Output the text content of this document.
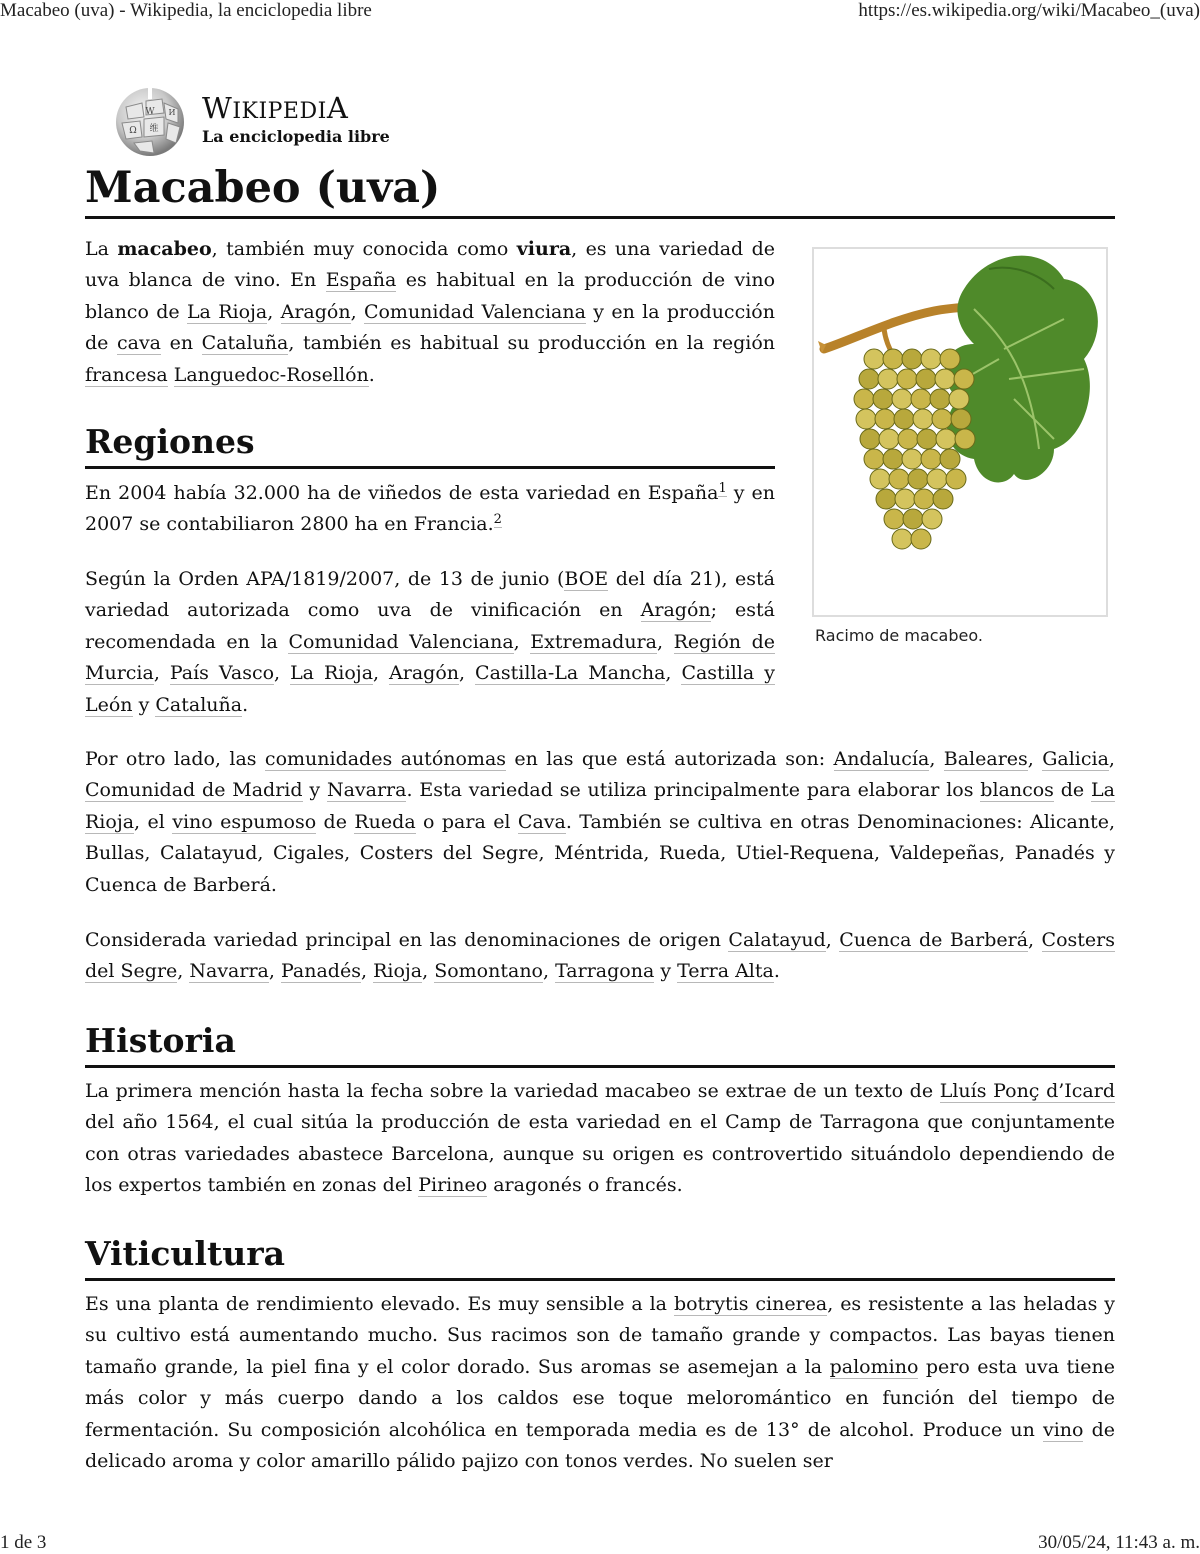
Macabeo (uva) - Wikipedia, la enciclopedia libre	https://es.wikipedia.org/wiki/Macabeo_(uva)
W
Ω 维
И WIKIPEDIA
La enciclopedia libre
Macabeo (uva)

La macabeo, también muy conocida como viura, es una variedad de uva blanca de vino. En España es habitual en la producción de vino blanco de La Rioja, Aragón, Comunidad Valenciana y en la producción de cava en Cataluña, también es habitual su producción en la región francesa Languedoc-Rosellón.

Racimo de macabeo.
Regiones

En 2004 había 32.000 ha de viñedos de esta variedad en España$^1$ y en 2007 se contabiliaron 2800 ha en Francia.$^2$

Según la Orden APA/1819/2007, de 13 de junio (BOE del día 21), está variedad autorizada como uva de vinificación en Aragón; está recomendada en la Comunidad Valenciana, Extremadura, Región de Murcia, País Vasco, La Rioja, Aragón, Castilla-La Mancha, Castilla y León y Cataluña.

Por otro lado, las comunidades autónomas en las que está autorizada son: Andalucía, Baleares, Galicia, Comunidad de Madrid y Navarra. Esta variedad se utiliza principalmente para elaborar los blancos de La Rioja, el vino espumoso de Rueda o para el Cava. También se cultiva en otras Denominaciones: Alicante, Bullas, Calatayud, Cigales, Costers del Segre, Méntrida, Rueda, Utiel-Requena, Valdepeñas, Panadés y Cuenca de Barberá.

Considerada variedad principal en las denominaciones de origen Calatayud, Cuenca de Barberá, Costers del Segre, Navarra, Panadés, Rioja, Somontano, Tarragona y Terra Alta.

Historia

La primera mención hasta la fecha sobre la variedad macabeo se extrae de un texto de Lluís Ponç d’Icard del año 1564, el cual sitúa la producción de esta variedad en el Camp de Tarragona que conjuntamente con otras variedades abastece Barcelona, aunque su origen es controvertido situándolo dependiendo de los expertos también en zonas del Pirineo aragonés o francés.

Viticultura

Es una planta de rendimiento elevado. Es muy sensible a la botrytis cinerea, es resistente a las heladas y su cultivo está aumentando mucho. Sus racimos son de tamaño grande y compactos. Las bayas tienen tamaño grande, la piel fina y el color dorado. Sus aromas se asemejan a la palomino pero esta uva tiene más color y más cuerpo dando a los caldos ese toque meloromántico en función del tiempo de fermentación. Su composición alcohólica en temporada media es de 13° de alcohol. Produce un vino de delicado aroma y color amarillo pálido pajizo con tonos verdes. No suelen ser

1 de 3	30/05/24, 11:43 a. m.
